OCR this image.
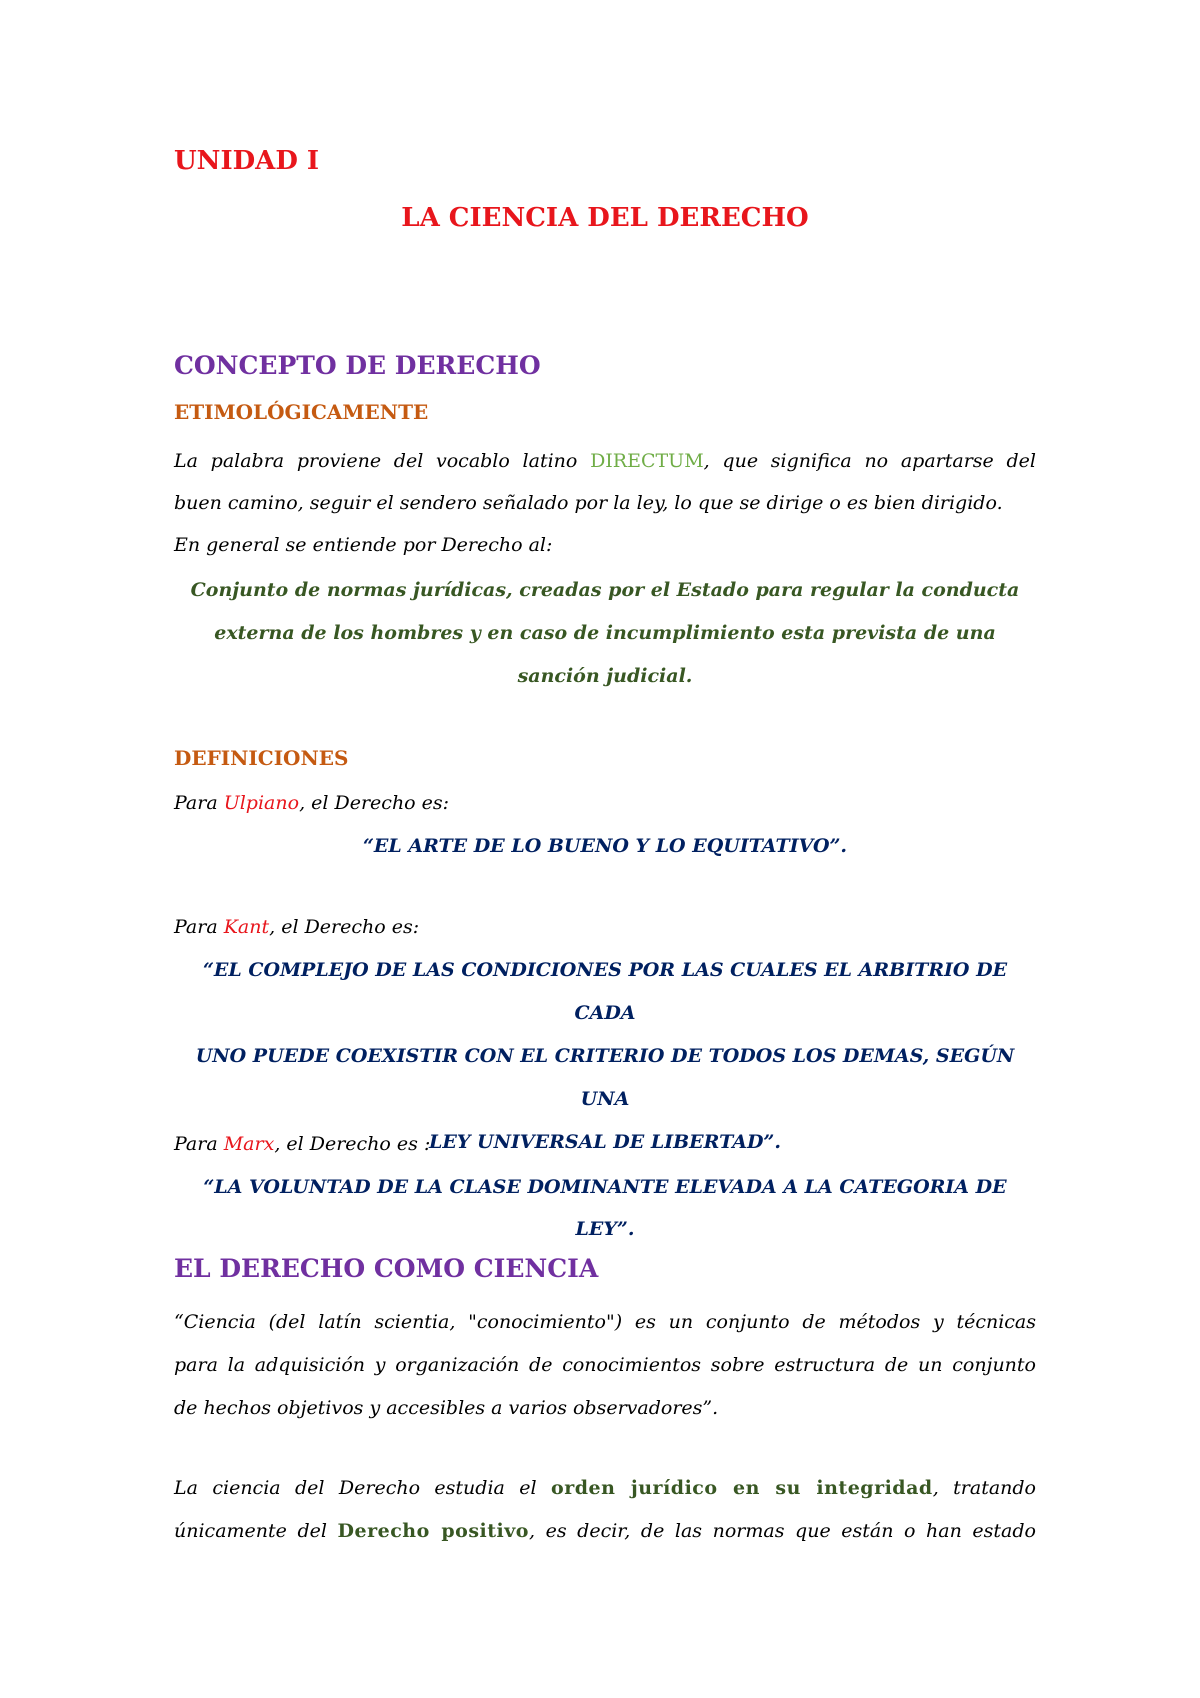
UNIDAD I
LA CIENCIA DEL DERECHO
CONCEPTO DE DERECHO
ETIMOLÓGICAMENTE
La palabra proviene del vocablo latino DIRECTUM, que significa no apartarse del
buen camino, seguir el sendero señalado por la ley, lo que se dirige o es bien dirigido.
En general se entiende por Derecho al:
Conjunto de normas jurídicas, creadas por el Estado para regular la conducta
externa de los hombres y en caso de incumplimiento esta prevista de una
sanción judicial.
DEFINICIONES
Para Ulpiano, el Derecho es:
“EL ARTE DE LO BUENO Y LO EQUITATIVO”.
Para Kant, el Derecho es:
“EL COMPLEJO DE LAS CONDICIONES POR LAS CUALES EL ARBITRIO DE CADA
UNO PUEDE COEXISTIR CON EL CRITERIO DE TODOS LOS DEMAS, SEGÚN UNA
LEY UNIVERSAL DE LIBERTAD”.
Para Marx, el Derecho es :
“LA VOLUNTAD DE LA CLASE DOMINANTE ELEVADA A LA CATEGORIA DE LEY”.
EL DERECHO COMO CIENCIA
“Ciencia (del latín scientia, "conocimiento") es un conjunto de métodos y técnicas
para la adquisición y organización de conocimientos sobre estructura de un conjunto
de hechos objetivos y accesibles a varios observadores”.
La ciencia del Derecho estudia el orden jurídico en su integridad, tratando
únicamente del Derecho positivo, es decir, de las normas que están o han estado
